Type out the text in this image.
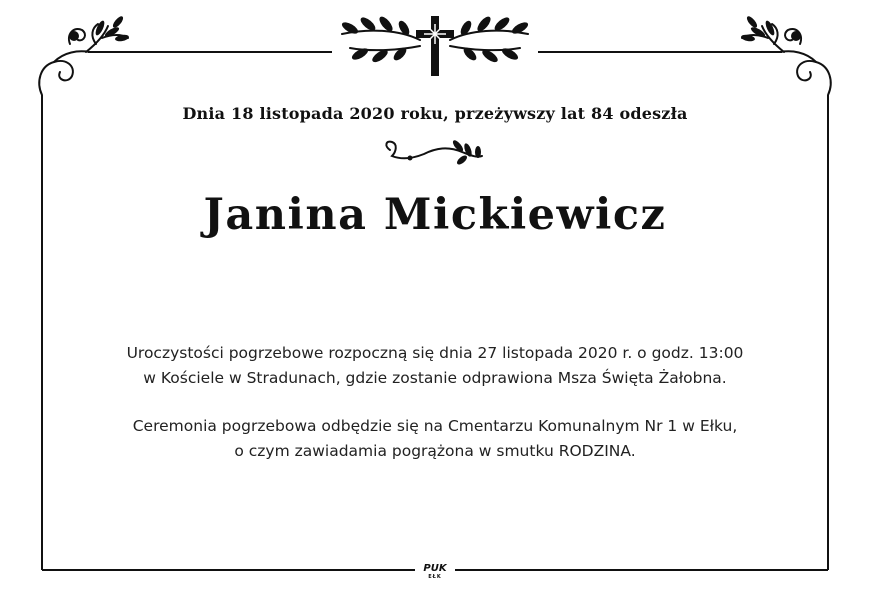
Dnia 18 listopada 2020 roku, przeżywszy lat 84 odeszła
Janina Mickiewicz
Uroczystości pogrzebowe rozpoczną się dnia 27 listopada 2020 r. o godz. 13:00
w Kościele w Stradunach, gdzie zostanie odprawiona Msza Święta Żałobna.
Ceremonia pogrzebowa odbędzie się na Cmentarzu Komunalnym Nr 1 w Ełku,
o czym zawiadamia pogrążona w smutku RODZINA.
PUK
EŁK
